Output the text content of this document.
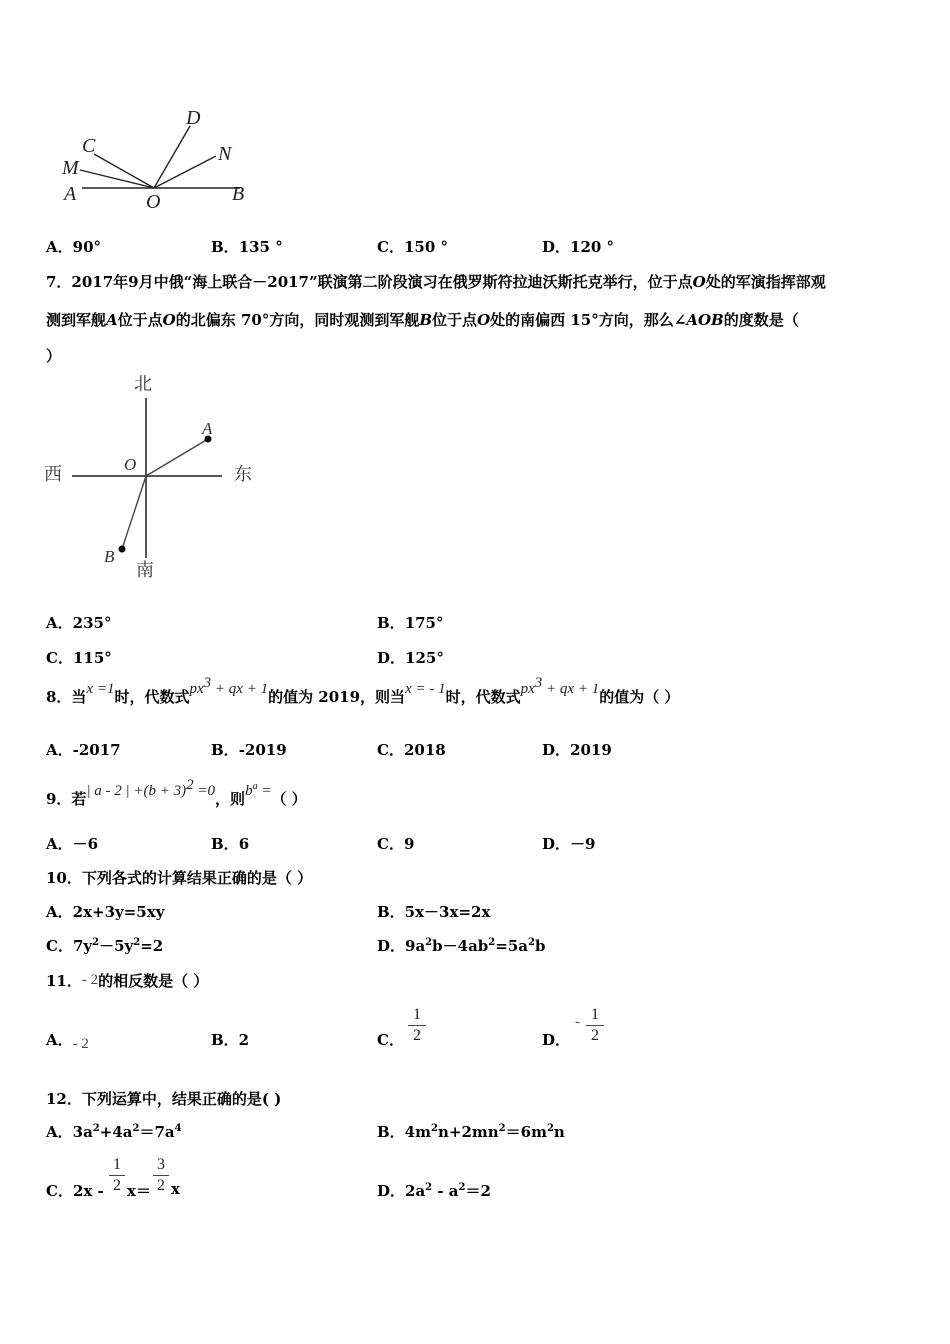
D
C	N
M
A	O	B
A．90°	B．135 °	C．150 °	D．120 °
7．2017年9月中俄“海上联合－2017”联演第二阶段演习在俄罗斯符拉迪沃斯托克举行，位于点O处的军演指挥部观
测到军舰A位于点O的北偏东 70°方向，同时观测到军舰B位于点O处的南偏西 15°方向，那么∠AOB的度数是（
）
北
南
西	东
A
B
O
A．235°	B．175°
C．115°	D．125°
8．当x =1时，代数式$px^3$ + qx + 1的值为 2019，则当x = - 1时，代数式$px^3$ + qx + 1的值为（ ）
A．-2017	B．-2019	C．2018	D．2019
9．若| a - 2 | $+(b + 3)^2 =0$，则$b^a$ =（ ）
A．－6	B．6	C．9	D．－9
10．下列各式的计算结果正确的是（ ）
A．2x+3y=5xy	B．5x－3x=2x
C．$7y^2-5y^2=2$	D．$9a^2b-4ab^2=5a^2b$
11．- 2的相反数是（ ）
A．- 2	B．2	C．
1
2	D．
- 1
2
12．下列运算中，结果正确的是( )
A．$3a^2+4a^2=7a^4$	B．$4m^2n+2mn^2=6m^2n$
C．2x -
1
2 x＝
3
2 x	D．$2a^2 - a^2=2$
